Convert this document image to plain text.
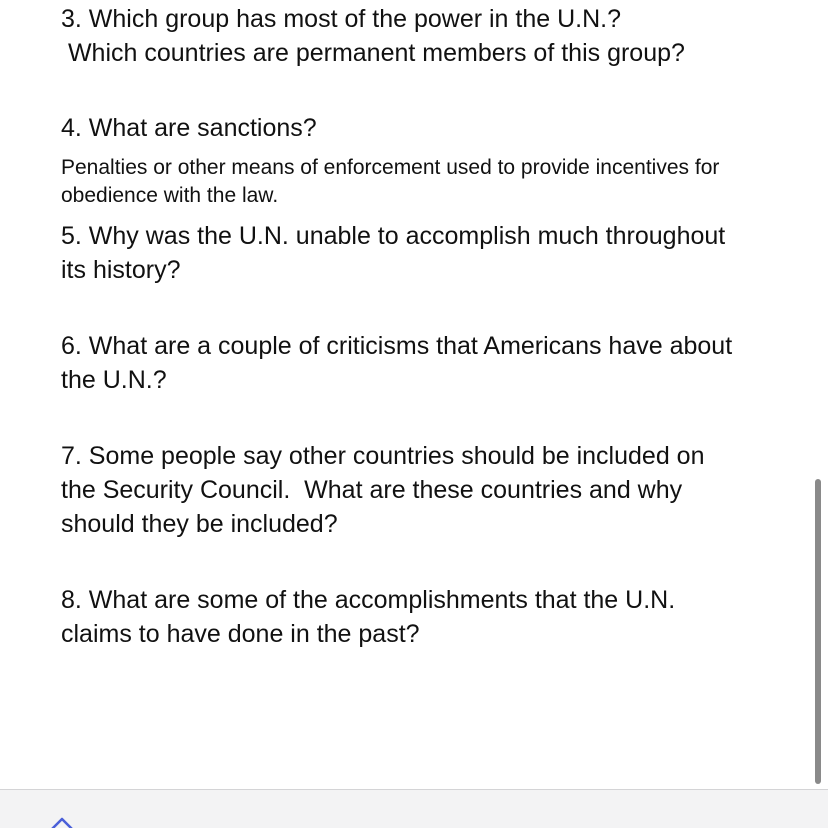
3. Which group has most of the power in the U.N.?
Which countries are permanent members of this group?

4. What are sanctions?

Penalties or other means of enforcement used to provide incentives for obedience with the law.

5. Why was the U.N. unable to accomplish much throughout its history?

6. What are a couple of criticisms that Americans have about the U.N.?

7. Some people say other countries should be included on the Security Council.  What are these countries and why should they be included?

8. What are some of the accomplishments that the U.N. claims to have done in the past?
